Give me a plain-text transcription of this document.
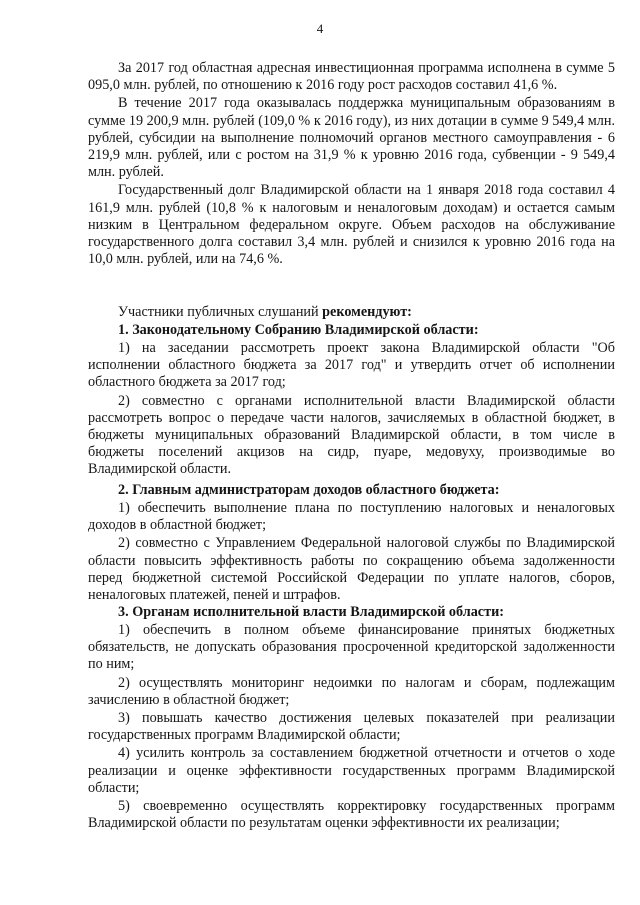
4

За 2017 год областная адресная инвестиционная программа исполнена в сумме 5 095,0 млн. рублей, по отношению к 2016 году рост расходов составил 41,6 %.

В течение 2017 года оказывалась поддержка муниципальным образованиям в сумме 19 200,9 млн. рублей (109,0 % к 2016 году), из них дотации в сумме 9 549,4 млн. рублей, субсидии на выполнение полномочий органов местного самоуправления - 6 219,9 млн. рублей, или с ростом на 31,9 % к уровню 2016 года, субвенции - 9 549,4 млн. рублей.

Государственный долг Владимирской области на 1 января 2018 года составил 4 161,9 млн. рублей (10,8 % к налоговым и неналоговым доходам) и остается самым низким в Центральном федеральном округе. Объем расходов на обслуживание государственного долга составил 3,4 млн. рублей и снизился к уровню 2016 года на 10,0 млн. рублей, или на 74,6 %.

Участники публичных слушаний рекомендуют:
1. Законодательному Собранию Владимирской области:

1) на заседании рассмотреть проект закона Владимирской области "Об исполнении областного бюджета за 2017 год" и утвердить отчет об исполнении областного бюджета за 2017 год;

2) совместно с органами исполнительной власти Владимирской области рассмотреть вопрос о передаче части налогов, зачисляемых в областной бюджет, в бюджеты муниципальных образований Владимирской области, в том числе в бюджеты поселений акцизов на сидр, пуаре, медовуху, производимые во Владимирской области.

2. Главным администраторам доходов областного бюджета:

1) обеспечить выполнение плана по поступлению налоговых и неналоговых доходов в областной бюджет;

2) совместно с Управлением Федеральной налоговой службы по Владимирской области повысить эффективность работы по сокращению объема задолженности перед бюджетной системой Российской Федерации по уплате налогов, сборов, неналоговых платежей, пеней и штрафов.

3. Органам исполнительной власти Владимирской области:

1) обеспечить в полном объеме финансирование принятых бюджетных обязательств, не допускать образования просроченной кредиторской задолженности по ним;

2) осуществлять мониторинг недоимки по налогам и сборам, подлежащим зачислению в областной бюджет;

3) повышать качество достижения целевых показателей при реализации государственных программ Владимирской области;

4) усилить контроль за составлением бюджетной отчетности и отчетов о ходе реализации и оценке эффективности государственных программ Владимирской области;

5) своевременно осуществлять корректировку государственных программ Владимирской области по результатам оценки эффективности их реализации;
